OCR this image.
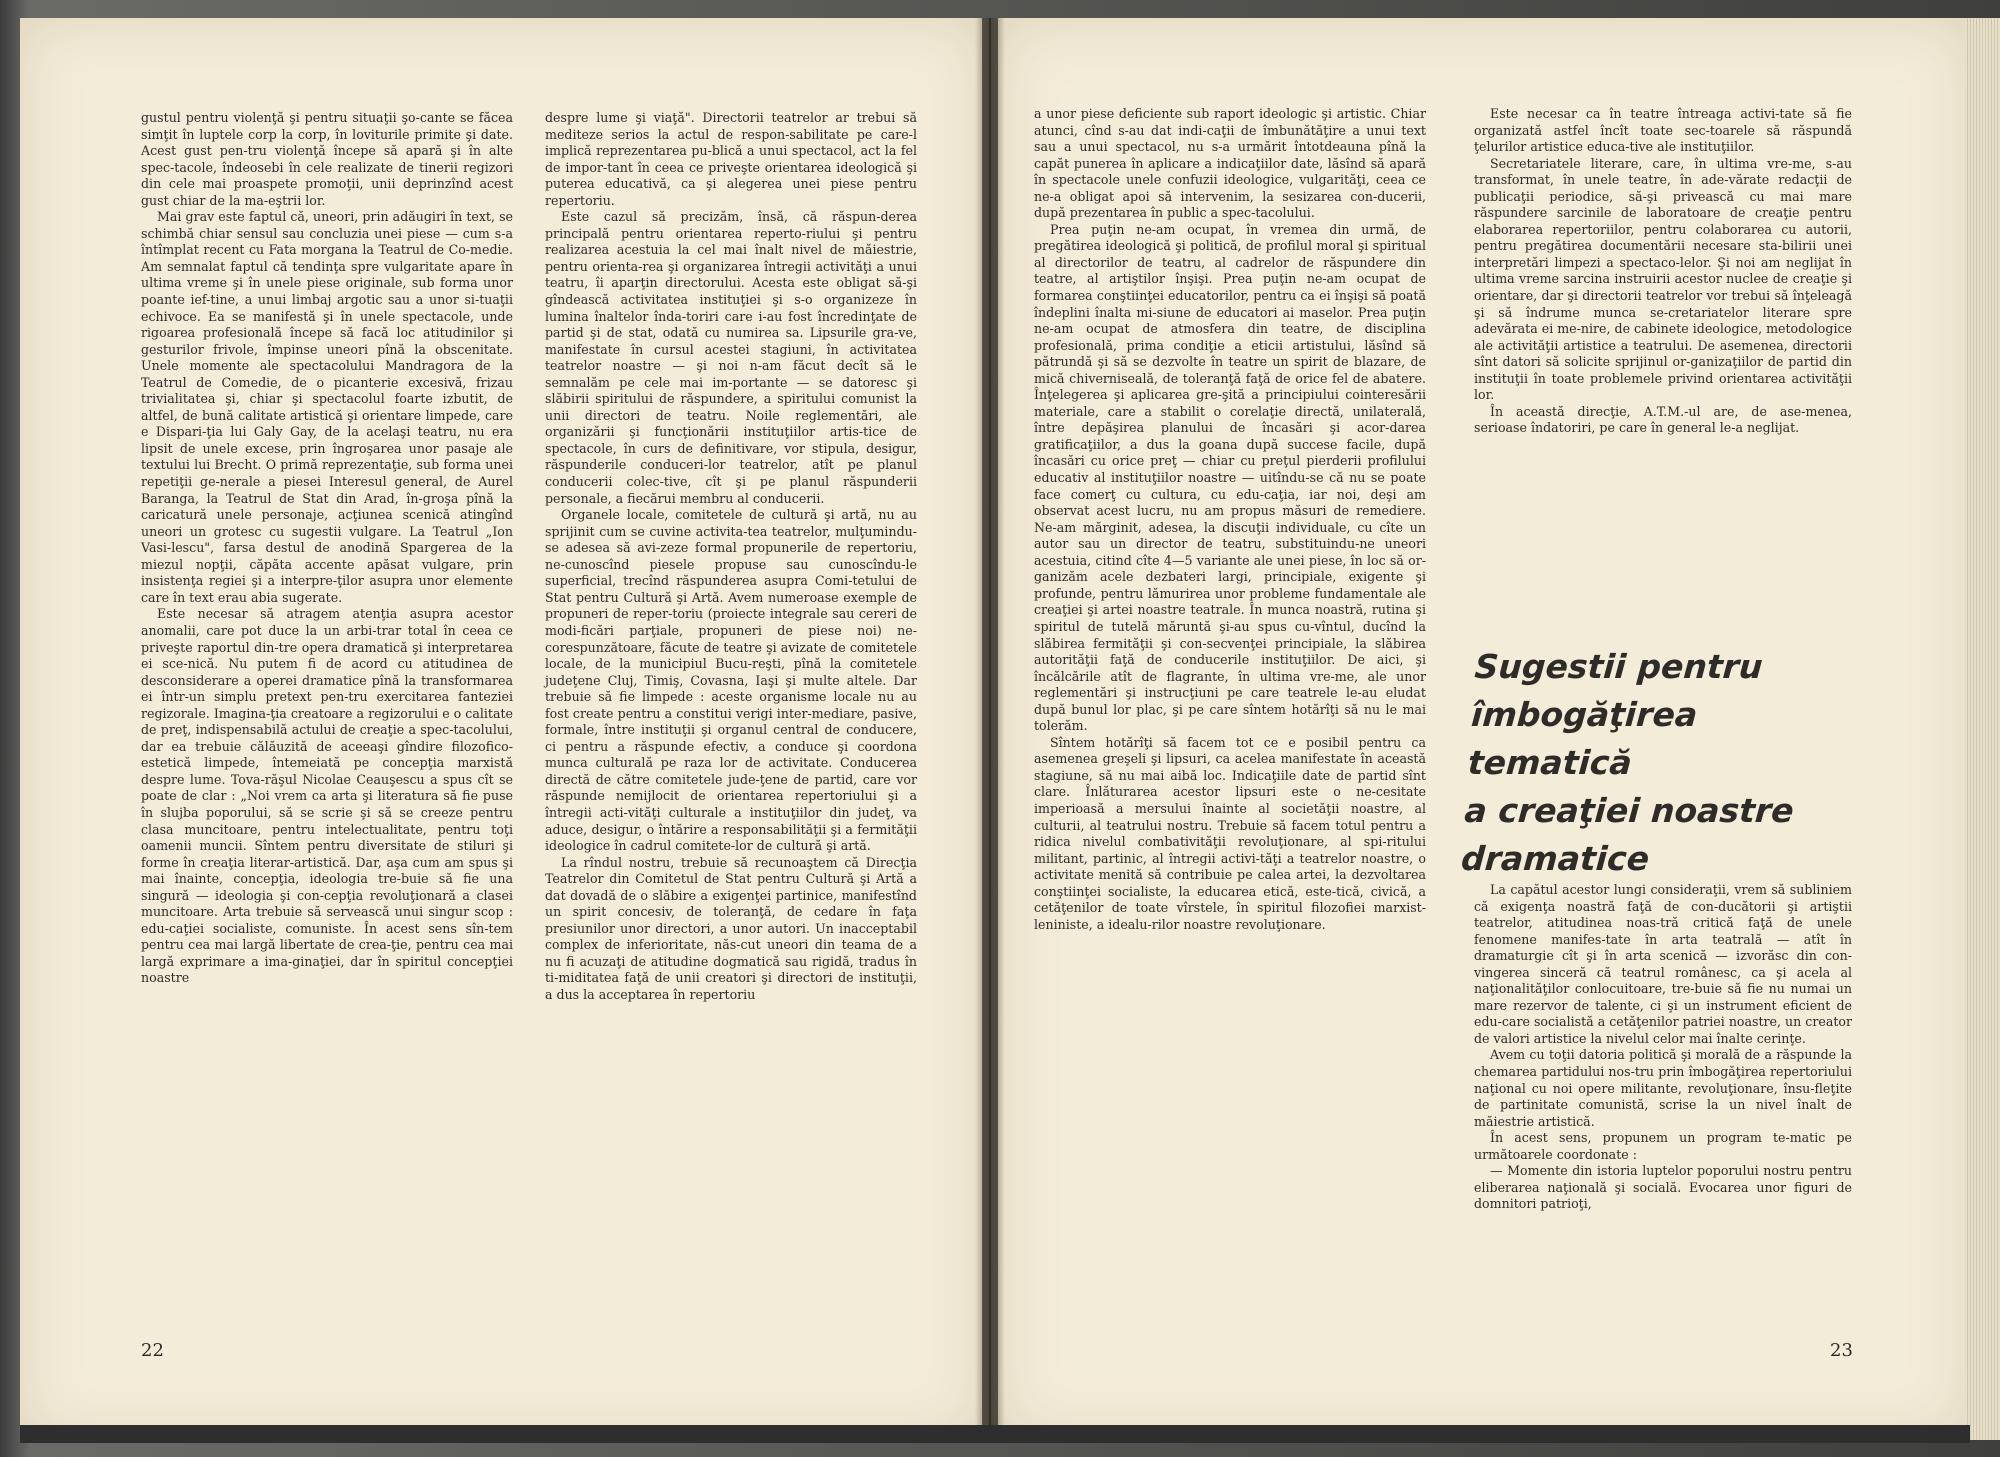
gustul pentru violenţă şi pentru situaţii şo-cante se făcea simţit în luptele corp la corp, în loviturile primite şi date. Acest gust pen-tru violenţă începe să apară şi în alte spec-tacole, îndeosebi în cele realizate de tinerii regizori din cele mai proaspete promoţii, unii deprinzînd acest gust chiar de la ma-eştrii lor.

Mai grav este faptul că, uneori, prin adăugiri în text, se schimbă chiar sensul sau concluzia unei piese — cum s-a întîmplat recent cu Fata morgana la Teatrul de Co-medie. Am semnalat faptul că tendinţa spre vulgaritate apare în ultima vreme şi în unele piese originale, sub forma unor poante ief-tine, a unui limbaj argotic sau a unor si-tuaţii echivoce. Ea se manifestă şi în unele spectacole, unde rigoarea profesională începe să facă loc atitudinilor şi gesturilor frivole, împinse uneori pînă la obscenitate. Unele momente ale spectacolului Mandragora de la Teatrul de Comedie, de o picanterie excesivă, frizau trivialitatea şi, chiar şi spectacolul foarte izbutit, de altfel, de bună calitate artistică şi orientare limpede, care e Dispari-ţia lui Galy Gay, de la acelaşi teatru, nu era lipsit de unele excese, prin îngroşarea unor pasaje ale textului lui Brecht. O primă reprezentaţie, sub forma unei repetiţii ge-nerale a piesei Interesul general, de Aurel Baranga, la Teatrul de Stat din Arad, în-groşa pînă la caricatură unele personaje, acţiunea scenică atingînd uneori un grotesc cu sugestii vulgare. La Teatrul „Ion Vasi-lescu", farsa destul de anodină Spargerea de la miezul nopţii, căpăta accente apăsat vulgare, prin insistenţa regiei şi a interpre-ţilor asupra unor elemente care în text erau abia sugerate.

Este necesar să atragem atenţia asupra acestor anomalii, care pot duce la un arbi-trar total în ceea ce priveşte raportul din-tre opera dramatică şi interpretarea ei sce-nică. Nu putem fi de acord cu atitudinea de desconsiderare a operei dramatice pînă la transformarea ei într-un simplu pretext pen-tru exercitarea fanteziei regizorale. Imagina-ţia creatoare a regizorului e o calitate de preţ, indispensabilă actului de creaţie a spec-tacolului, dar ea trebuie călăuzită de aceeaşi gîndire filozofico-estetică limpede, întemeiată pe concepţia marxistă despre lume. Tova-răşul Nicolae Ceauşescu a spus cît se poate de clar : „Noi vrem ca arta şi literatura să fie puse în slujba poporului, să se scrie şi să se creeze pentru clasa muncitoare, pentru intelectualitate, pentru toţi oamenii muncii. Sîntem pentru diversitate de stiluri şi forme în creaţia literar-artistică. Dar, aşa cum am spus şi mai înainte, concepţia, ideologia tre-buie să fie una singură — ideologia şi con-cepţia revoluţionară a clasei muncitoare. Arta trebuie să servească unui singur scop : edu-caţiei socialiste, comuniste. În acest sens sîn-tem pentru cea mai largă libertate de crea-ţie, pentru cea mai largă exprimare a ima-ginaţiei, dar în spiritul concepţiei noastre

despre lume şi viaţă". Directorii teatrelor ar trebui să mediteze serios la actul de respon-sabilitate pe care-l implică reprezentarea pu-blică a unui spectacol, act la fel de impor-tant în ceea ce priveşte orientarea ideologică şi puterea educativă, ca şi alegerea unei piese pentru repertoriu.

Este cazul să precizăm, însă, că răspun-derea principală pentru orientarea reperto-riului şi pentru realizarea acestuia la cel mai înalt nivel de măiestrie, pentru orienta-rea şi organizarea întregii activităţi a unui teatru, îi aparţin directorului. Acesta este obligat să-şi gîndească activitatea instituţiei şi s-o organizeze în lumina înaltelor înda-toriri care i-au fost încredinţate de partid şi de stat, odată cu numirea sa. Lipsurile gra-ve, manifestate în cursul acestei stagiuni, în activitatea teatrelor noastre — şi noi n-am făcut decît să le semnalăm pe cele mai im-portante — se datoresc şi slăbirii spiritului de răspundere, a spiritului comunist la unii directori de teatru. Noile reglementări, ale organizării şi funcţionării instituţiilor artis-tice de spectacole, în curs de definitivare, vor stipula, desigur, răspunderile conduceri-lor teatrelor, atît pe planul conducerii colec-tive, cît şi pe planul răspunderii personale, a fiecărui membru al conducerii.

Organele locale, comitetele de cultură şi artă, nu au sprijinit cum se cuvine activita-tea teatrelor, mulţumindu-se adesea să avi-zeze formal propunerile de repertoriu, ne-cunoscînd piesele propuse sau cunoscîndu-le superficial, trecînd răspunderea asupra Comi-tetului de Stat pentru Cultură şi Artă. Avem numeroase exemple de propuneri de reper-toriu (proiecte integrale sau cereri de modi-ficări parţiale, propuneri de piese noi) ne-corespunzătoare, făcute de teatre şi avizate de comitetele locale, de la municipiul Bucu-reşti, pînă la comitetele judeţene Cluj, Timiş, Covasna, Iaşi şi multe altele. Dar trebuie să fie limpede : aceste organisme locale nu au fost create pentru a constitui verigi inter-mediare, pasive, formale, între instituţii şi organul central de conducere, ci pentru a răspunde efectiv, a conduce şi coordona munca culturală pe raza lor de activitate. Conducerea directă de către comitetele jude-ţene de partid, care vor răspunde nemijlocit de orientarea repertoriului şi a întregii acti-vităţi culturale a instituţiilor din judeţ, va aduce, desigur, o întărire a responsabilităţii şi a fermităţii ideologice în cadrul comitete-lor de cultură şi artă.

La rîndul nostru, trebuie să recunoaştem că Direcţia Teatrelor din Comitetul de Stat pentru Cultură şi Artă a dat dovadă de o slăbire a exigenţei partinice, manifestînd un spirit concesiv, de toleranţă, de cedare în faţa presiunilor unor directori, a unor autori. Un inacceptabil complex de inferioritate, năs-cut uneori din teama de a nu fi acuzaţi de atitudine dogmatică sau rigidă, tradus în ti-miditatea faţă de unii creatori şi directori de instituţii, a dus la acceptarea în repertoriu

22

a unor piese deficiente sub raport ideologic şi artistic. Chiar atunci, cînd s-au dat indi-caţii de îmbunătăţire a unui text sau a unui spectacol, nu s-a urmărit întotdeauna pînă la capăt punerea în aplicare a indicaţiilor date, lăsînd să apară în spectacole unele confuzii ideologice, vulgarităţi, ceea ce ne-a obligat apoi să intervenim, la sesizarea con-ducerii, după prezentarea în public a spec-tacolului.

Prea puţin ne-am ocupat, în vremea din urmă, de pregătirea ideologică şi politică, de profilul moral şi spiritual al directorilor de teatru, al cadrelor de răspundere din teatre, al artiştilor înşişi. Prea puţin ne-am ocupat de formarea conştiinţei educatorilor, pentru ca ei înşişi să poată îndeplini înalta mi-siune de educatori ai maselor. Prea puţin ne-am ocupat de atmosfera din teatre, de disciplina profesională, prima condiţie a eticii artistului, lăsînd să pătrundă şi să se dezvolte în teatre un spirit de blazare, de mică chiverniseală, de toleranţă faţă de orice fel de abatere. Înţelegerea şi aplicarea gre-şită a principiului cointeresării materiale, care a stabilit o corelaţie directă, unilaterală, între depăşirea planului de încasări şi acor-darea gratificaţiilor, a dus la goana după succese facile, după încasări cu orice preţ — chiar cu preţul pierderii profilului educativ al instituţiilor noastre — uitîndu-se că nu se poate face comerţ cu cultura, cu edu-caţia, iar noi, deşi am observat acest lucru, nu am propus măsuri de remediere. Ne-am mărginit, adesea, la discuţii individuale, cu cîte un autor sau un director de teatru, substituindu-ne uneori acestuia, citind cîte 4—5 variante ale unei piese, în loc să or-ganizăm acele dezbateri largi, principiale, exigente şi profunde, pentru lămurirea unor probleme fundamentale ale creaţiei şi artei noastre teatrale. În munca noastră, rutina şi spiritul de tutelă măruntă şi-au spus cu-vîntul, ducînd la slăbirea fermităţii şi con-secvenţei principiale, la slăbirea autorităţii faţă de conducerile instituţiilor. De aici, şi încălcările atît de flagrante, în ultima vre-me, ale unor reglementări şi instrucţiuni pe care teatrele le-au eludat după bunul lor plac, şi pe care sîntem hotărîţi să nu le mai tolerăm.

Sîntem hotărîţi să facem tot ce e posibil pentru ca asemenea greşeli şi lipsuri, ca acelea manifestate în această stagiune, să nu mai aibă loc. Indicaţiile date de partid sînt clare. Înlăturarea acestor lipsuri este o ne-cesitate imperioasă a mersului înainte al societăţii noastre, al culturii, al teatrului nostru. Trebuie să facem totul pentru a ridica nivelul combativităţii revoluţionare, al spi-ritului militant, partinic, al întregii activi-tăţi a teatrelor noastre, o activitate menită să contribuie pe calea artei, la dezvoltarea conştiinţei socialiste, la educarea etică, este-tică, civică, a cetăţenilor de toate vîrstele, în spiritul filozofiei marxist-leniniste, a idealu-rilor noastre revoluţionare.

Este necesar ca în teatre întreaga activi-tate să fie organizată astfel încît toate sec-toarele să răspundă ţelurilor artistice educa-tive ale instituţiilor.

Secretariatele literare, care, în ultima vre-me, s-au transformat, în unele teatre, în ade-vărate redacţii de publicaţii periodice, să-şi privească cu mai mare răspundere sarcinile de laboratoare de creaţie pentru elaborarea repertoriilor, pentru colaborarea cu autorii, pentru pregătirea documentării necesare sta-bilirii unei interpretări limpezi a spectaco-lelor. Şi noi am neglijat în ultima vreme sarcina instruirii acestor nuclee de creaţie şi orientare, dar şi directorii teatrelor vor trebui să înţeleagă şi să îndrume munca se-cretariatelor literare spre adevărata ei me-nire, de cabinete ideologice, metodologice ale activităţii artistice a teatrului. De asemenea, directorii sînt datori să solicite sprijinul or-ganizaţiilor de partid din instituţii în toate problemele privind orientarea activităţii lor.

În această direcţie, A.T.M.-ul are, de ase-menea, serioase îndatoriri, pe care în general le-a neglijat.

Sugestii pentru
îmbogăţirea tematică
a creaţiei noastre
dramatice

La capătul acestor lungi consideraţii, vrem să subliniem că exigenţa noastră faţă de con-ducătorii şi artiştii teatrelor, atitudinea noas-tră critică faţă de unele fenomene manifes-tate în arta teatrală — atît în dramaturgie cît şi în arta scenică — izvorăsc din con-vingerea sinceră că teatrul românesc, ca şi acela al naţionalităţilor conlocuitoare, tre-buie să fie nu numai un mare rezervor de talente, ci şi un instrument eficient de edu-care socialistă a cetăţenilor patriei noastre, un creator de valori artistice la nivelul celor mai înalte cerinţe.

Avem cu toţii datoria politică şi morală de a răspunde la chemarea partidului nos-tru prin îmbogăţirea repertoriului naţional cu noi opere militante, revoluţionare, însu-fleţite de partinitate comunistă, scrise la un nivel înalt de măiestrie artistică.

În acest sens, propunem un program te-matic pe următoarele coordonate :

— Momente din istoria luptelor poporului nostru pentru eliberarea naţională şi socială. Evocarea unor figuri de domnitori patrioţi,

23
